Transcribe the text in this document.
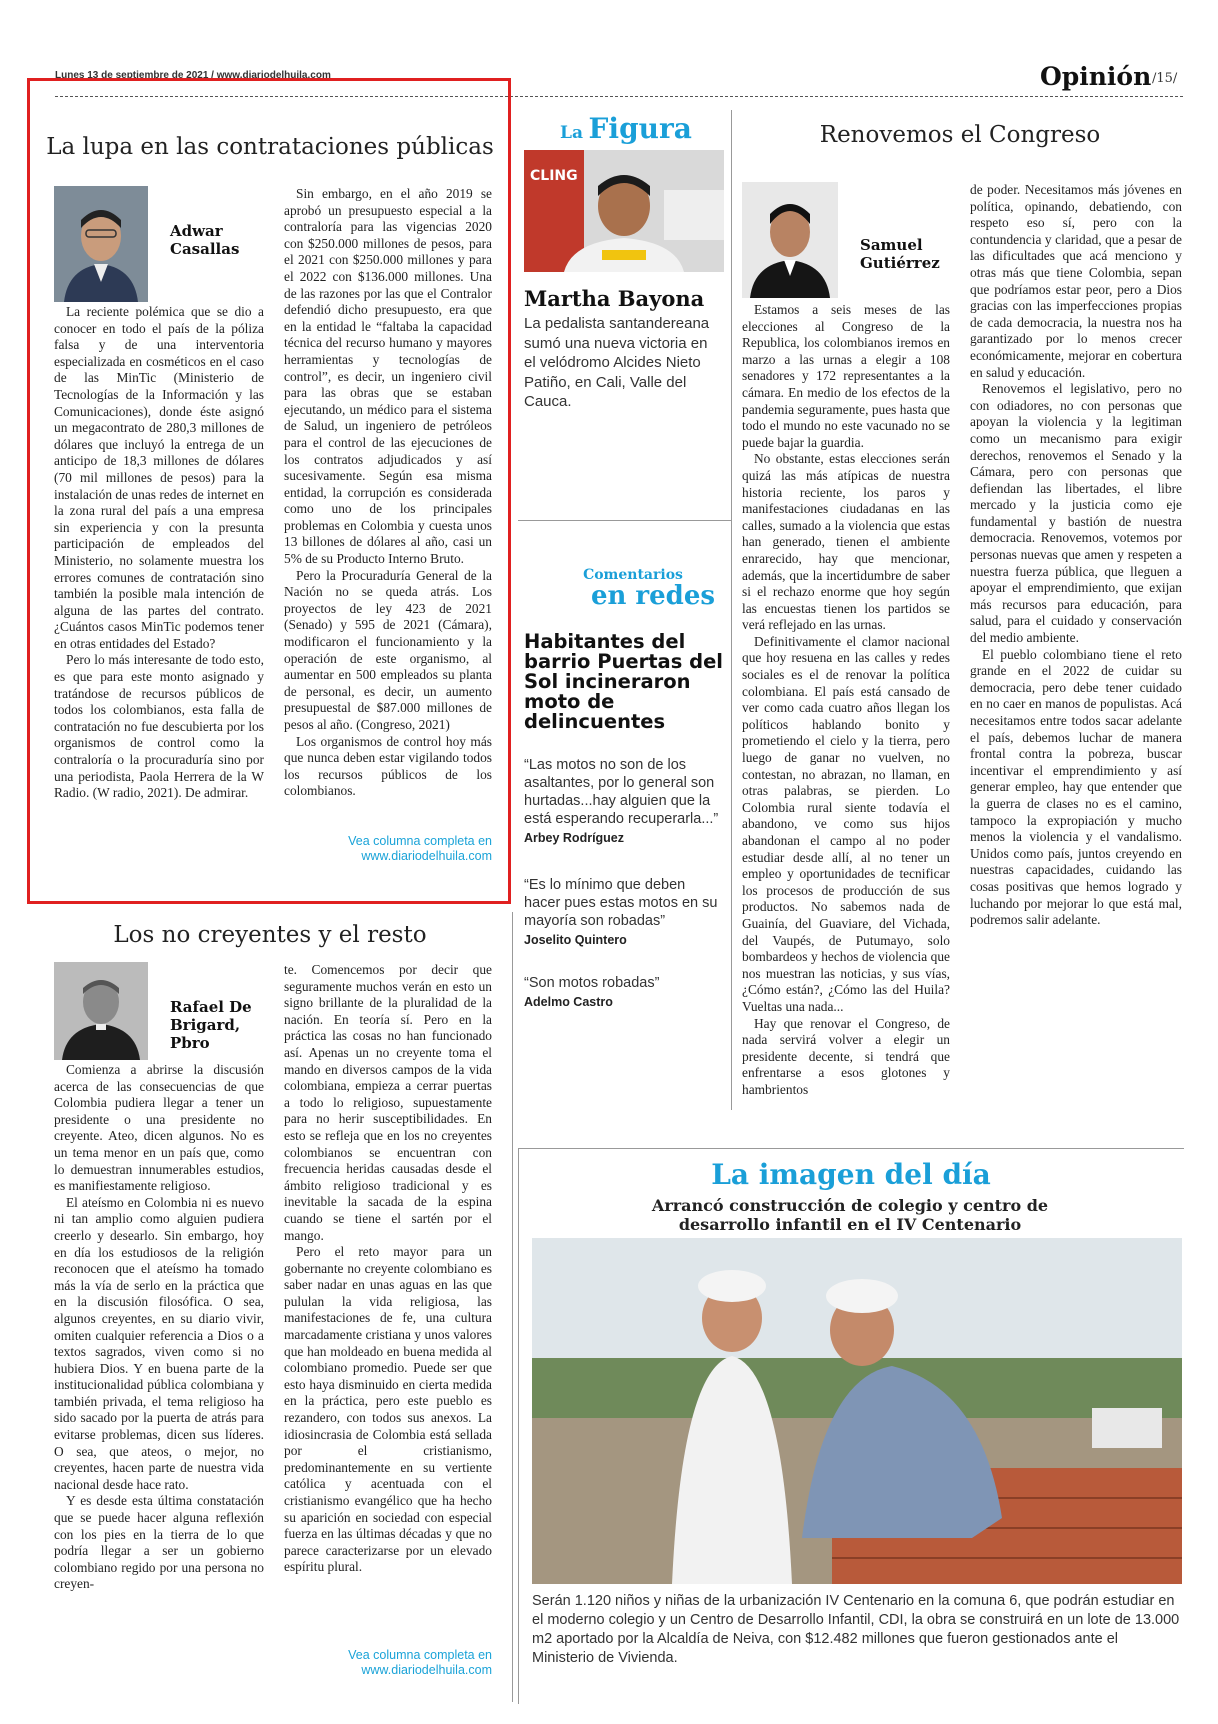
Lunes 13 de septiembre de 2021 / www.diariodelhuila.com	Opinión /15/
La lupa en las contrataciones públicas
Adwar Casallas

La reciente polémica que se dio a conocer en todo el país de la póliza falsa y de una interventoria especializada en cosméticos en el caso de las MinTic (Ministerio de Tecnologías de la Información y las Comunicaciones), donde éste asignó un megacontrato de 280,3 millones de dólares que incluyó la entrega de un anticipo de 18,3 millones de dólares (70 mil millones de pesos) para la instalación de unas redes de internet en la zona rural del país a una empresa sin experiencia y con la presunta participación de empleados del Ministerio, no solamente muestra los errores comunes de contratación sino también la posible mala intención de alguna de las partes del contrato. ¿Cuántos casos MinTic podemos tener en otras entidades del Estado?

Pero lo más interesante de todo esto, es que para este monto asignado y tratándose de recursos públicos de todos los colombianos, esta falla de contratación no fue descubierta por los organismos de control como la contraloría o la procuraduría sino por una periodista, Paola Herrera de la W Radio. (W radio, 2021). De admirar.

Sin embargo, en el año 2019 se aprobó un presupuesto especial a la contraloría para las vigencias 2020 con $250.000 millones de pesos, para el 2021 con $250.000 millones y para el 2022 con $136.000 millones. Una de las razones por las que el Contralor defendió dicho presupuesto, era que en la entidad le “faltaba la capacidad técnica del recurso humano y mayores herramientas y tecnologías de control”, es decir, un ingeniero civil para las obras que se estaban ejecutando, un médico para el sistema de Salud, un ingeniero de petróleos para el control de las ejecuciones de los contratos adjudicados y así sucesivamente. Según esa misma entidad, la corrupción es considerada como uno de los principales problemas en Colombia y cuesta unos 13 billones de dólares al año, casi un 5% de su Producto Interno Bruto.

Pero la Procuraduría General de la Nación no se queda atrás. Los proyectos de ley 423 de 2021 (Senado) y 595 de 2021 (Cámara), modificaron el funcionamiento y la operación de este organismo, al aumentar en 500 empleados su planta de personal, es decir, un aumento presupuestal de $87.000 millones de pesos al año. (Congreso, 2021)

Los organismos de control hoy más que nunca deben estar vigilando todos los recursos públicos de los colombianos.

Vea columna completa en
www.diariodelhuila.com
Los no creyentes y el resto
Rafael De Brigard, Pbro

Comienza a abrirse la discusión acerca de las consecuencias de que Colombia pudiera llegar a tener un presidente o una presidente no creyente. Ateo, dicen algunos. No es un tema menor en un país que, como lo demuestran innumerables estudios, es manifiestamente religioso.

El ateísmo en Colombia ni es nuevo ni tan amplio como alguien pudiera creerlo y desearlo. Sin embargo, hoy en día los estudiosos de la religión reconocen que el ateísmo ha tomado más la vía de serlo en la práctica que en la discusión filosófica. O sea, algunos creyentes, en su diario vivir, omiten cualquier referencia a Dios o a textos sagrados, viven como si no hubiera Dios. Y en buena parte de la institucionalidad pública colombiana y también privada, el tema religioso ha sido sacado por la puerta de atrás para evitarse problemas, dicen sus líderes. O sea, que ateos, o mejor, no creyentes, hacen parte de nuestra vida nacional desde hace rato.

Y es desde esta última constatación que se puede hacer alguna reflexión con los pies en la tierra de lo que podría llegar a ser un gobierno colombiano regido por una persona no creyen-

te. Comencemos por decir que seguramente muchos verán en esto un signo brillante de la pluralidad de la nación. En teoría sí. Pero en la práctica las cosas no han funcionado así. Apenas un no creyente toma el mando en diversos campos de la vida colombiana, empieza a cerrar puertas a todo lo religioso, supuestamente para no herir susceptibilidades. En esto se refleja que en los no creyentes colombianos se encuentran con frecuencia heridas causadas desde el ámbito religioso tradicional y es inevitable la sacada de la espina cuando se tiene el sartén por el mango.

Pero el reto mayor para un gobernante no creyente colombiano es saber nadar en unas aguas en las que pululan la vida religiosa, las manifestaciones de fe, una cultura marcadamente cristiana y unos valores que han moldeado en buena medida al colombiano promedio. Puede ser que esto haya disminuido en cierta medida en la práctica, pero este pueblo es rezandero, con todos sus anexos. La idiosincrasia de Colombia está sellada por el cristianismo, predominantemente en su vertiente católica y acentuada con el cristianismo evangélico que ha hecho su aparición en sociedad con especial fuerza en las últimas décadas y que no parece caracterizarse por un elevado espíritu plural.

Vea columna completa en
www.diariodelhuila.com
La Figura
CLING
Martha Bayona
La pedalista santandereana sumó una nueva victoria en el velódromo Alcides Nieto Patiño, en Cali, Valle del Cauca.
Comentarios
en redes
Habitantes del barrio Puertas del Sol incineraron moto de delincuentes
“Las motos no son de los asaltantes, por lo general son hurtadas...hay alguien que la está esperando recuperarla...”
Arbey Rodríguez
“Es lo mínimo que deben hacer pues estas motos en su mayoría son robadas”
Joselito Quintero
“Son motos robadas”
Adelmo Castro
Renovemos el Congreso
Samuel Gutiérrez

Estamos a seis meses de las elecciones al Congreso de la Republica, los colombianos iremos en marzo a las urnas a elegir a 108 senadores y 172 representantes a la cámara. En medio de los efectos de la pandemia seguramente, pues hasta que todo el mundo no este vacunado no se puede bajar la guardia.

No obstante, estas elecciones serán quizá las más atípicas de nuestra historia reciente, los paros y manifestaciones ciudadanas en las calles, sumado a la violencia que estas han generado, tienen el ambiente enrarecido, hay que mencionar, además, que la incertidumbre de saber si el rechazo enorme que hoy según las encuestas tienen los partidos se verá reflejado en las urnas.

Definitivamente el clamor nacional que hoy resuena en las calles y redes sociales es el de renovar la política colombiana. El país está cansado de ver como cada cuatro años llegan los políticos hablando bonito y prometiendo el cielo y la tierra, pero luego de ganar no vuelven, no contestan, no abrazan, no llaman, en otras palabras, se pierden. Lo Colombia rural siente todavía el abandono, ve como sus hijos abandonan el campo al no poder estudiar desde allí, al no tener un empleo y oportunidades de tecnificar los procesos de producción de sus productos. No sabemos nada de Guainía, del Guaviare, del Vichada, del Vaupés, de Putumayo, solo bombardeos y hechos de violencia que nos muestran las noticias, y sus vías, ¿Cómo están?, ¿Cómo las del Huila? Vueltas una nada...

Hay que renovar el Congreso, de nada servirá volver a elegir un presidente decente, si tendrá que enfrentarse a esos glotones y hambrientos

de poder. Necesitamos más jóvenes en política, opinando, debatiendo, con respeto eso sí, pero con la contundencia y claridad, que a pesar de las dificultades que acá menciono y otras más que tiene Colombia, sepan que podríamos estar peor, pero a Dios gracias con las imperfecciones propias de cada democracia, la nuestra nos ha garantizado por lo menos crecer económicamente, mejorar en cobertura en salud y educación.

Renovemos el legislativo, pero no con odiadores, no con personas que apoyan la violencia y la legitiman como un mecanismo para exigir derechos, renovemos el Senado y la Cámara, pero con personas que defiendan las libertades, el libre mercado y la justicia como eje fundamental y bastión de nuestra democracia. Renovemos, votemos por personas nuevas que amen y respeten a nuestra fuerza pública, que lleguen a apoyar el emprendimiento, que exijan más recursos para educación, para salud, para el cuidado y conservación del medio ambiente.

El pueblo colombiano tiene el reto grande en el 2022 de cuidar su democracia, pero debe tener cuidado en no caer en manos de populistas. Acá necesitamos entre todos sacar adelante el país, debemos luchar de manera frontal contra la pobreza, buscar incentivar el emprendimiento y así generar empleo, hay que entender que la guerra de clases no es el camino, tampoco la expropiación y mucho menos la violencia y el vandalismo. Unidos como país, juntos creyendo en nuestras capacidades, cuidando las cosas positivas que hemos logrado y luchando por mejorar lo que está mal, podremos salir adelante.

La imagen del día
Arrancó construcción de colegio y centro de desarrollo infantil en el IV Centenario
Serán 1.120 niños y niñas de la urbanización IV Centenario en la comuna 6, que podrán estudiar en el moderno colegio y un Centro de Desarrollo Infantil, CDI, la obra se construirá en un lote de 13.000 m2 aportado por la Alcaldía de Neiva, con $12.482 millones que fueron gestionados ante el Ministerio de Vivienda.
